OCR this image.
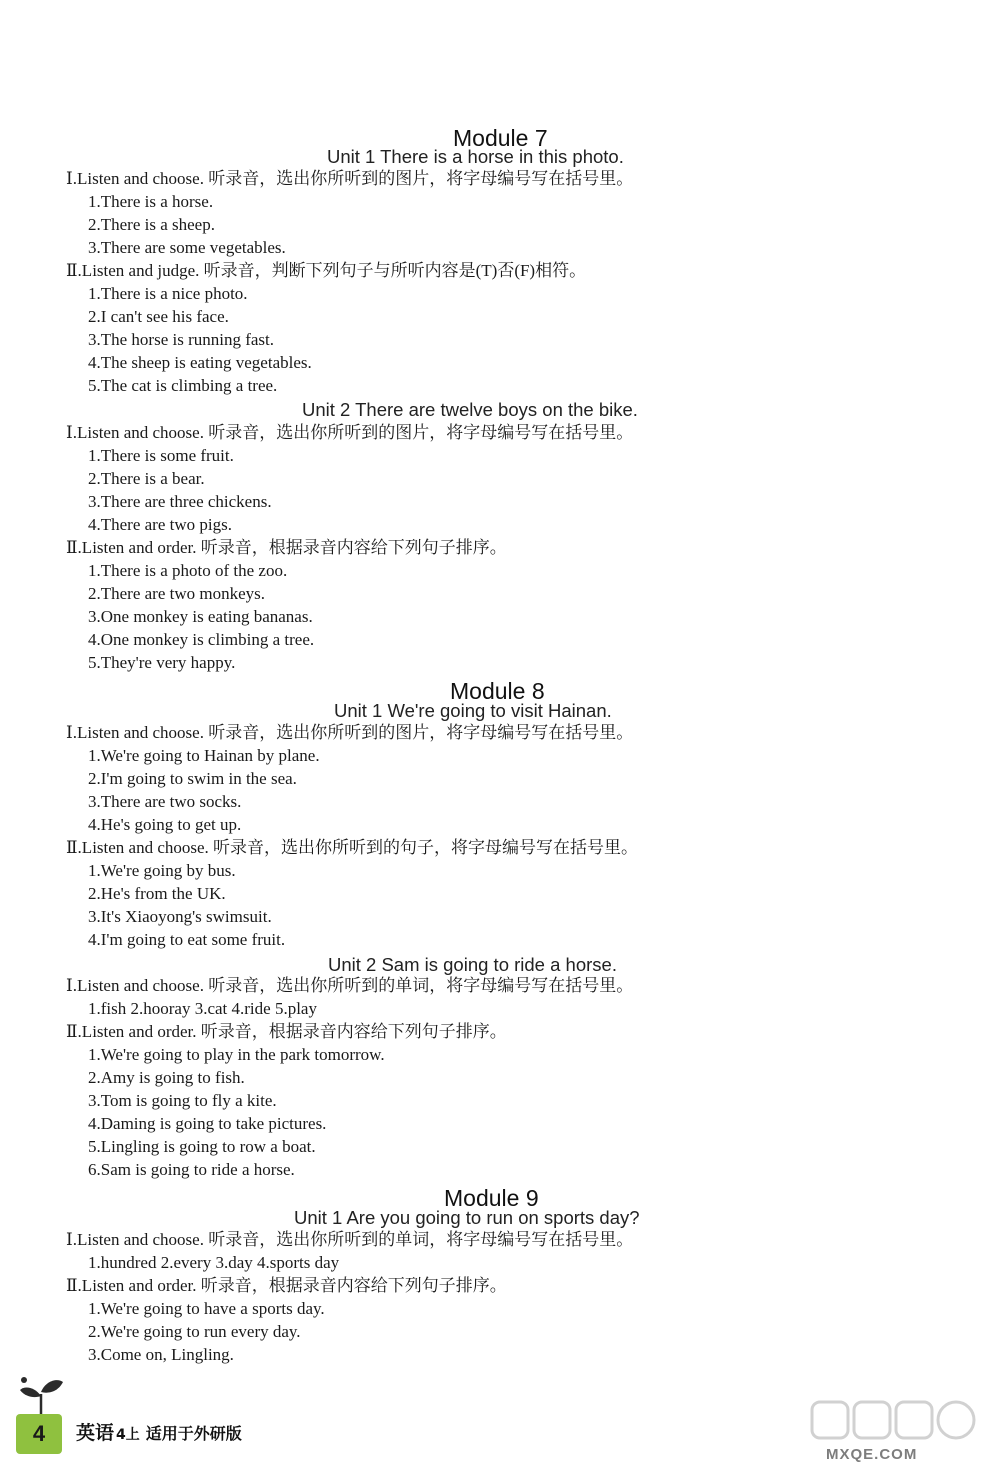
Module 7
Unit 1 There is a horse in this photo.
Ⅰ.Listen and choose. 听录音，选出你所听到的图片，将字母编号写在括号里。
1.There is a horse.
2.There is a sheep.
3.There are some vegetables.
Ⅱ.Listen and judge. 听录音，判断下列句子与所听内容是(T)否(F)相符。
1.There is a nice photo.
2.I can't see his face.
3.The horse is running fast.
4.The sheep is eating vegetables.
5.The cat is climbing a tree.
Unit 2 There are twelve boys on the bike.
Ⅰ.Listen and choose. 听录音，选出你所听到的图片，将字母编号写在括号里。
1.There is some fruit.
2.There is a bear.
3.There are three chickens.
4.There are two pigs.
Ⅱ.Listen and order. 听录音，根据录音内容给下列句子排序。
1.There is a photo of the zoo.
2.There are two monkeys.
3.One monkey is eating bananas.
4.One monkey is climbing a tree.
5.They're very happy.
Module 8
Unit 1 We're going to visit Hainan.
Ⅰ.Listen and choose. 听录音，选出你所听到的图片，将字母编号写在括号里。
1.We're going to Hainan by plane.
2.I'm going to swim in the sea.
3.There are two socks.
4.He's going to get up.
Ⅱ.Listen and choose. 听录音，选出你所听到的句子，将字母编号写在括号里。
1.We're going by bus.
2.He's from the UK.
3.It's Xiaoyong's swimsuit.
4.I'm going to eat some fruit.
Unit 2 Sam is going to ride a horse.
Ⅰ.Listen and choose. 听录音，选出你所听到的单词，将字母编号写在括号里。
1.fish 2.hooray 3.cat 4.ride 5.play
Ⅱ.Listen and order. 听录音，根据录音内容给下列句子排序。
1.We're going to play in the park tomorrow.
2.Amy is going to fish.
3.Tom is going to fly a kite.
4.Daming is going to take pictures.
5.Lingling is going to row a boat.
6.Sam is going to ride a horse.
Module 9
Unit 1 Are you going to run on sports day?
Ⅰ.Listen and choose. 听录音，选出你所听到的单词，将字母编号写在括号里。
1.hundred 2.every 3.day 4.sports day
Ⅱ.Listen and order. 听录音，根据录音内容给下列句子排序。
1.We're going to have a sports day.
2.We're going to run every day.
3.Come on, Lingling.
4	英语 4上 适用于外研版
MXQE.COM
